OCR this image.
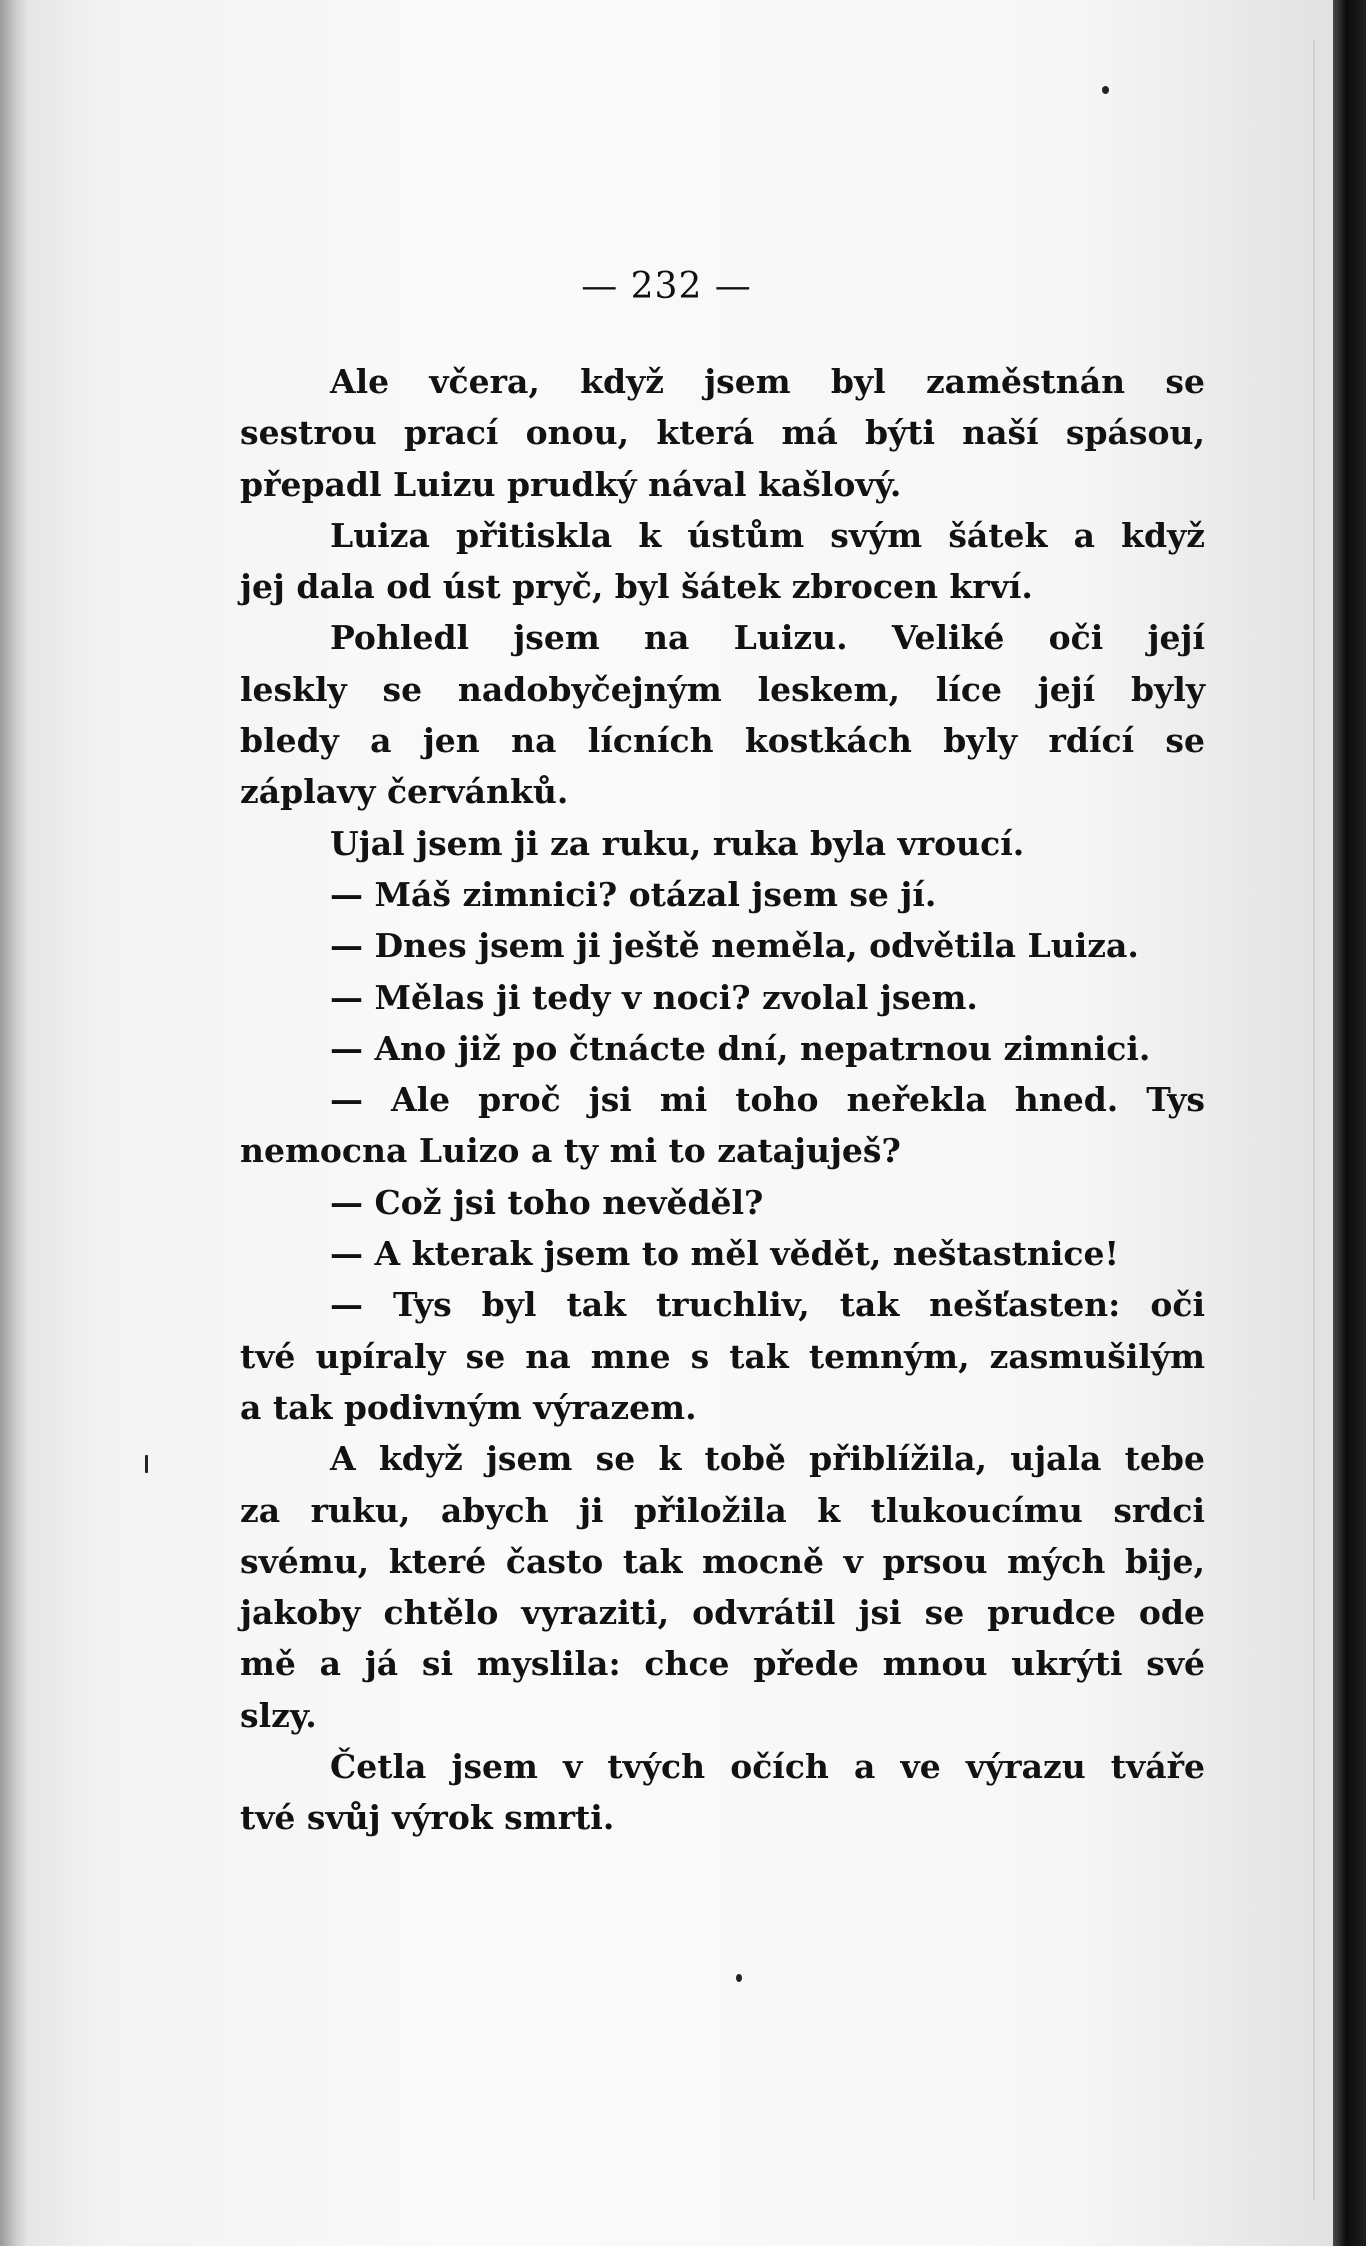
— 232 —
Ale včera, když jsem byl zaměstnán se
sestrou prací onou, která má býti naší spásou,
přepadl Luizu prudký nával kašlový.
Luiza přitiskla k ústům svým šátek a když
jej dala od úst pryč, byl šátek zbrocen krví.
Pohledl jsem na Luizu. Veliké oči její
leskly se nadobyčejným leskem, líce její byly
bledy a jen na lícních kostkách byly rdící se
záplavy červánků.
Ujal jsem ji za ruku, ruka byla vroucí.
— Máš zimnici? otázal jsem se jí.
— Dnes jsem ji ještě neměla, odvětila Luiza.
— Mělas ji tedy v noci? zvolal jsem.
— Ano již po čtnácte dní, nepatrnou zimnici.
— Ale proč jsi mi toho neřekla hned. Tys
nemocna Luizo a ty mi to zatajuješ?
— Což jsi toho nevěděl?
— A kterak jsem to měl vědět, neštastnice!
— Tys byl tak truchliv, tak nešťasten: oči
tvé upíraly se na mne s tak temným, zasmušilým
a tak podivným výrazem.
A když jsem se k tobě přiblížila, ujala tebe
za ruku, abych ji přiložila k tlukoucímu srdci
svému, které často tak mocně v prsou mých bije,
jakoby chtělo vyraziti, odvrátil jsi se prudce ode
mě a já si myslila: chce přede mnou ukrýti své
slzy.
Četla jsem v tvých očích a ve výrazu tváře
tvé svůj výrok smrti.
